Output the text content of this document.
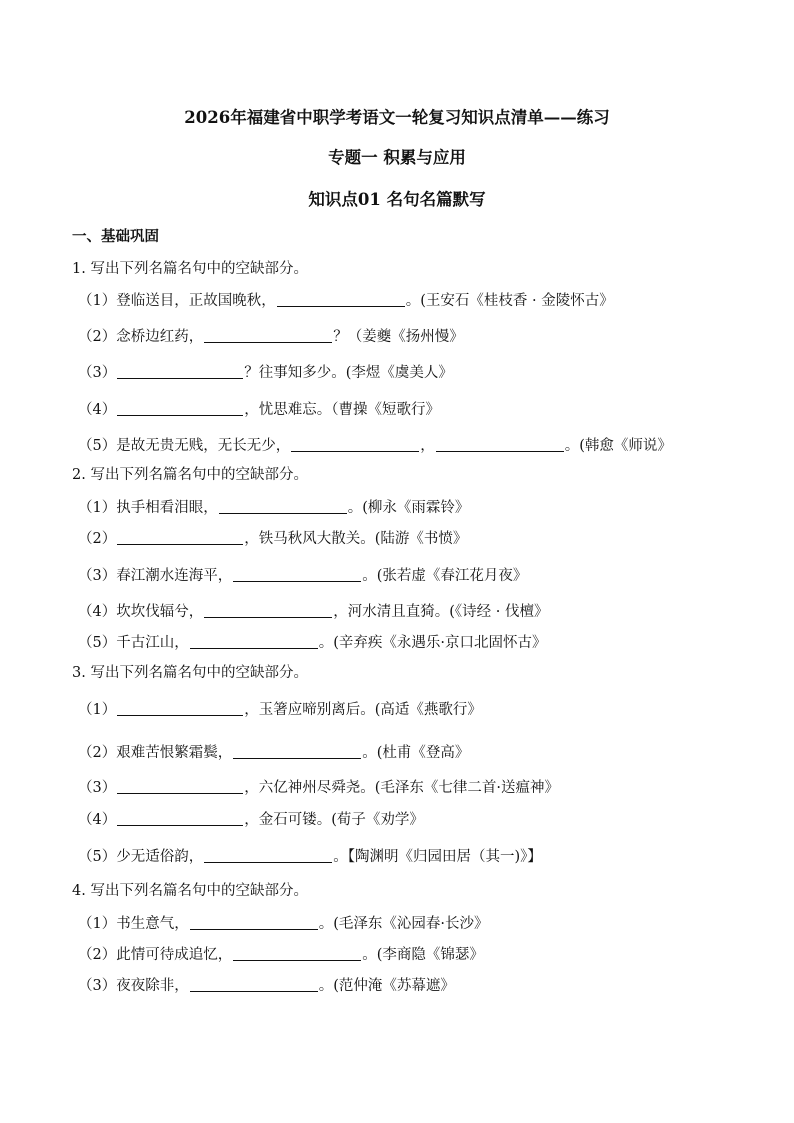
2026年福建省中职学考语文一轮复习知识点清单——练习
专题一 积累与应用
知识点01 名句名篇默写
一、基础巩固
1. 写出下列名篇名句中的空缺部分。
（1）登临送目，正故国晚秋，	。(王安石《桂枝香 · 金陵怀古》
（2）念桥边红药，	？（姜夔《扬州慢》
（3）	？往事知多少。(李煜《虞美人》
（4）	，忧思难忘。（曹操《短歌行》
（5）是故无贵无贱，无长无少，	，	。(韩愈《师说》
2. 写出下列名篇名句中的空缺部分。
（1）执手相看泪眼，	。(柳永《雨霖铃》
（2）	，铁马秋风大散关。(陆游《书愤》
（3）春江潮水连海平，	。(张若虚《春江花月夜》
（4）坎坎伐辐兮，	，河水清且直猗。(《诗经 · 伐檀》
（5）千古江山，	。(辛弃疾《永遇乐·京口北固怀古》
3. 写出下列名篇名句中的空缺部分。
（1）	，玉箸应啼别离后。(高适《燕歌行》
（2）艰难苦恨繁霜鬓，	。(杜甫《登高》
（3）	，六亿神州尽舜尧。(毛泽东《七律二首·送瘟神》
（4）	，金石可镂。(荀子《劝学》
（5）少无适俗韵，	。【陶渊明《归园田居（其一)》】
4. 写出下列名篇名句中的空缺部分。
（1）书生意气，	。(毛泽东《沁园春·长沙》
（2）此情可待成追忆，	。(李商隐《锦瑟》
（3）夜夜除非，	。(范仲淹《苏幕遮》
